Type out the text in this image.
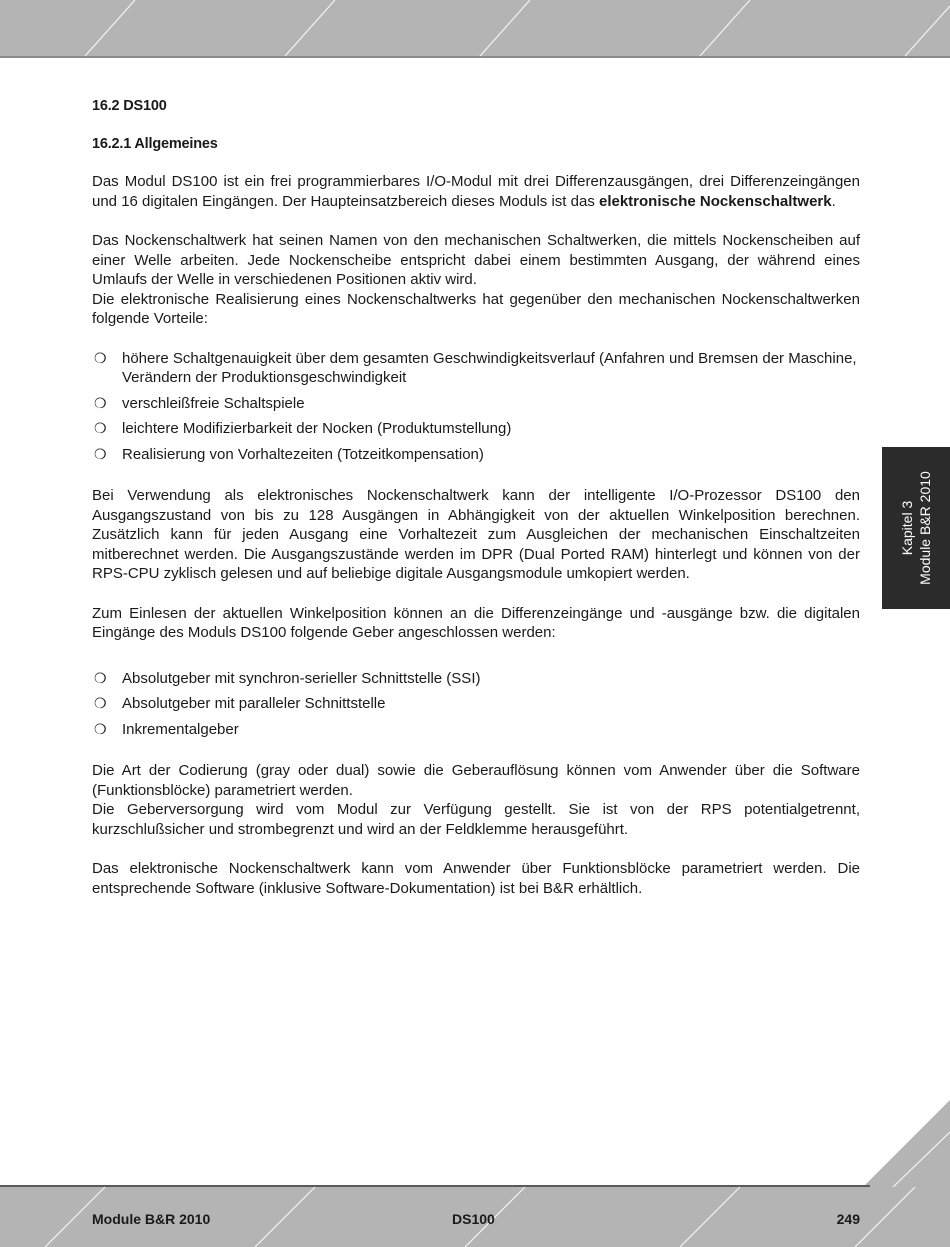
Kapitel 3 Module B&R 2010
16.2 DS100
16.2.1 Allgemeines

Das Modul DS100 ist ein frei programmierbares I/O-Modul mit drei Differenzausgängen, drei Differenzeingängen und 16 digitalen Eingängen. Der Haupteinsatzbereich dieses Moduls ist das elektronische Nockenschaltwerk.

Das Nockenschaltwerk hat seinen Namen von den mechanischen Schaltwerken, die mittels Nockenscheiben auf einer Welle arbeiten. Jede Nockenscheibe entspricht dabei einem bestimmten Ausgang, der während eines Umlaufs der Welle in verschiedenen Positionen aktiv wird.

Die elektronische Realisierung eines Nockenschaltwerks hat gegenüber den mechanischen Nockenschaltwerken folgende Vorteile:

❍ höhere Schaltgenauigkeit über dem gesamten Geschwindigkeitsverlauf (Anfahren und Bremsen der Maschine, Verändern der Produktionsgeschwindigkeit
❍ verschleißfreie Schaltspiele
❍ leichtere Modifizierbarkeit der Nocken (Produktumstellung)
❍ Realisierung von Vorhaltezeiten (Totzeitkompensation)

Bei Verwendung als elektronisches Nockenschaltwerk kann der intelligente I/O-Prozessor DS100 den Ausgangszustand von bis zu 128 Ausgängen in Abhängigkeit von der aktuellen Winkelposition berechnen. Zusätzlich kann für jeden Ausgang eine Vorhaltezeit zum Ausgleichen der mechanischen Einschaltzeiten mitberechnet werden. Die Ausgangszustände werden im DPR (Dual Ported RAM) hinterlegt und können von der RPS-CPU zyklisch gelesen und auf beliebige digitale Ausgangsmodule umkopiert werden.

Zum Einlesen der aktuellen Winkelposition können an die Differenzeingänge und -ausgänge bzw. die digitalen Eingänge des Moduls DS100 folgende Geber angeschlossen werden:

❍ Absolutgeber mit synchron-serieller Schnittstelle (SSI)
❍ Absolutgeber mit paralleler Schnittstelle
❍ Inkrementalgeber

Die Art der Codierung (gray oder dual) sowie die Geberauflösung können vom Anwender über die Software (Funktionsblöcke) parametriert werden.

Die Geberversorgung wird vom Modul zur Verfügung gestellt. Sie ist von der RPS potentialgetrennt, kurzschlußsicher und strombegrenzt und wird an der Feldklemme herausgeführt.

Das elektronische Nockenschaltwerk kann vom Anwender über Funktionsblöcke parametriert werden. Die entsprechende Software (inklusive Software-Dokumentation) ist bei B&R erhältlich.

Module B&R 2010	DS100	249
